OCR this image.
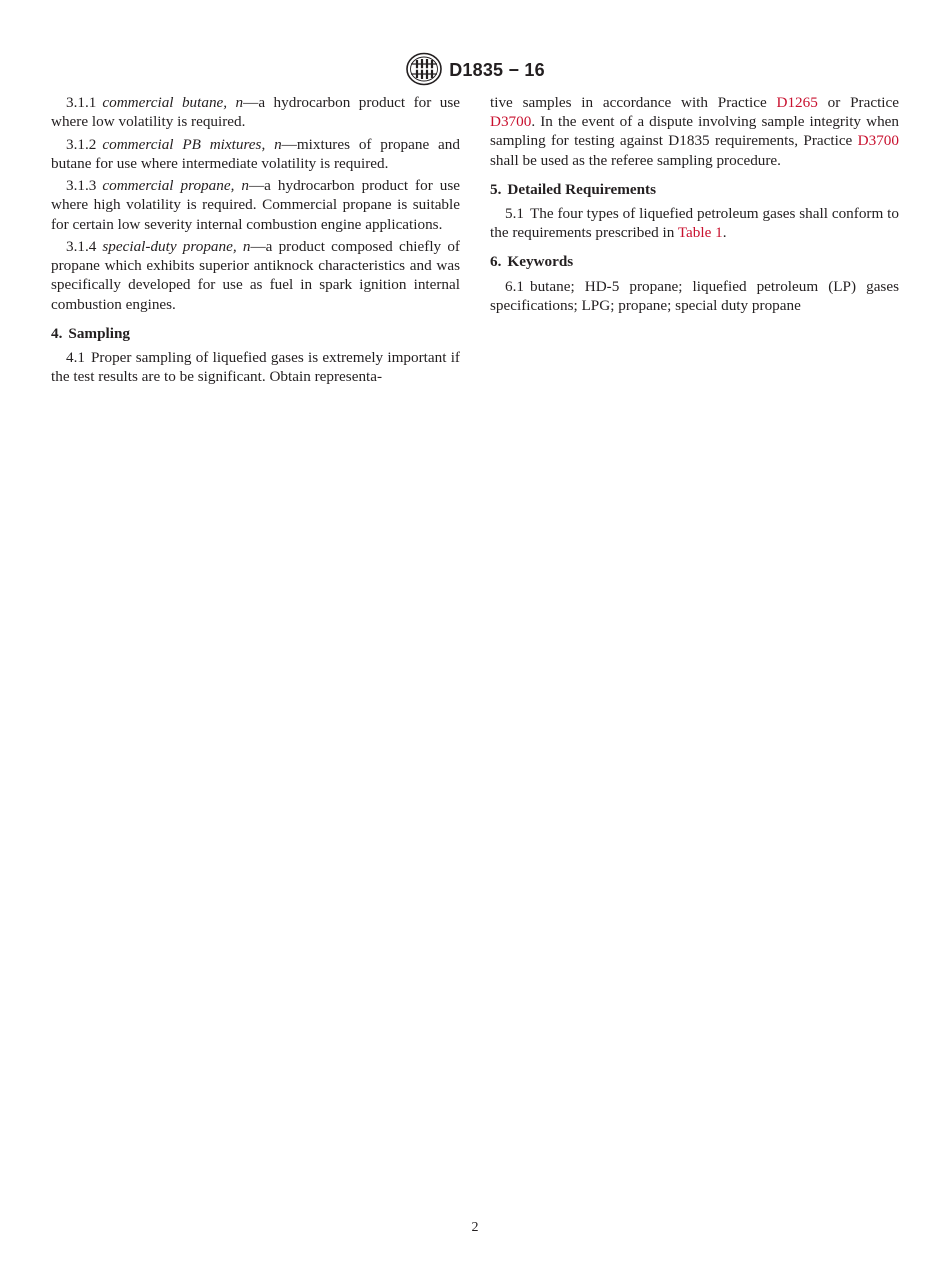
D1835 − 16

3.1.1 commercial butane, n—a hydrocarbon product for use where low volatility is required.

3.1.2 commercial PB mixtures, n—mixtures of propane and butane for use where intermediate volatility is required.

3.1.3 commercial propane, n—a hydrocarbon product for use where high volatility is required. Commercial propane is suitable for certain low severity internal combustion engine applications.

3.1.4 special-duty propane, n—a product composed chiefly of propane which exhibits superior antiknock characteristics and was specifically developed for use as fuel in spark ignition internal combustion engines.

4. Sampling

4.1 Proper sampling of liquefied gases is extremely important if the test results are to be significant. Obtain representa-

tive samples in accordance with Practice D1265 or Practice D3700. In the event of a dispute involving sample integrity when sampling for testing against D1835 requirements, Practice D3700 shall be used as the referee sampling procedure.

5. Detailed Requirements

5.1 The four types of liquefied petroleum gases shall conform to the requirements prescribed in Table 1.

6. Keywords

6.1 butane; HD-5 propane; liquefied petroleum (LP) gases specifications; LPG; propane; special duty propane

2
